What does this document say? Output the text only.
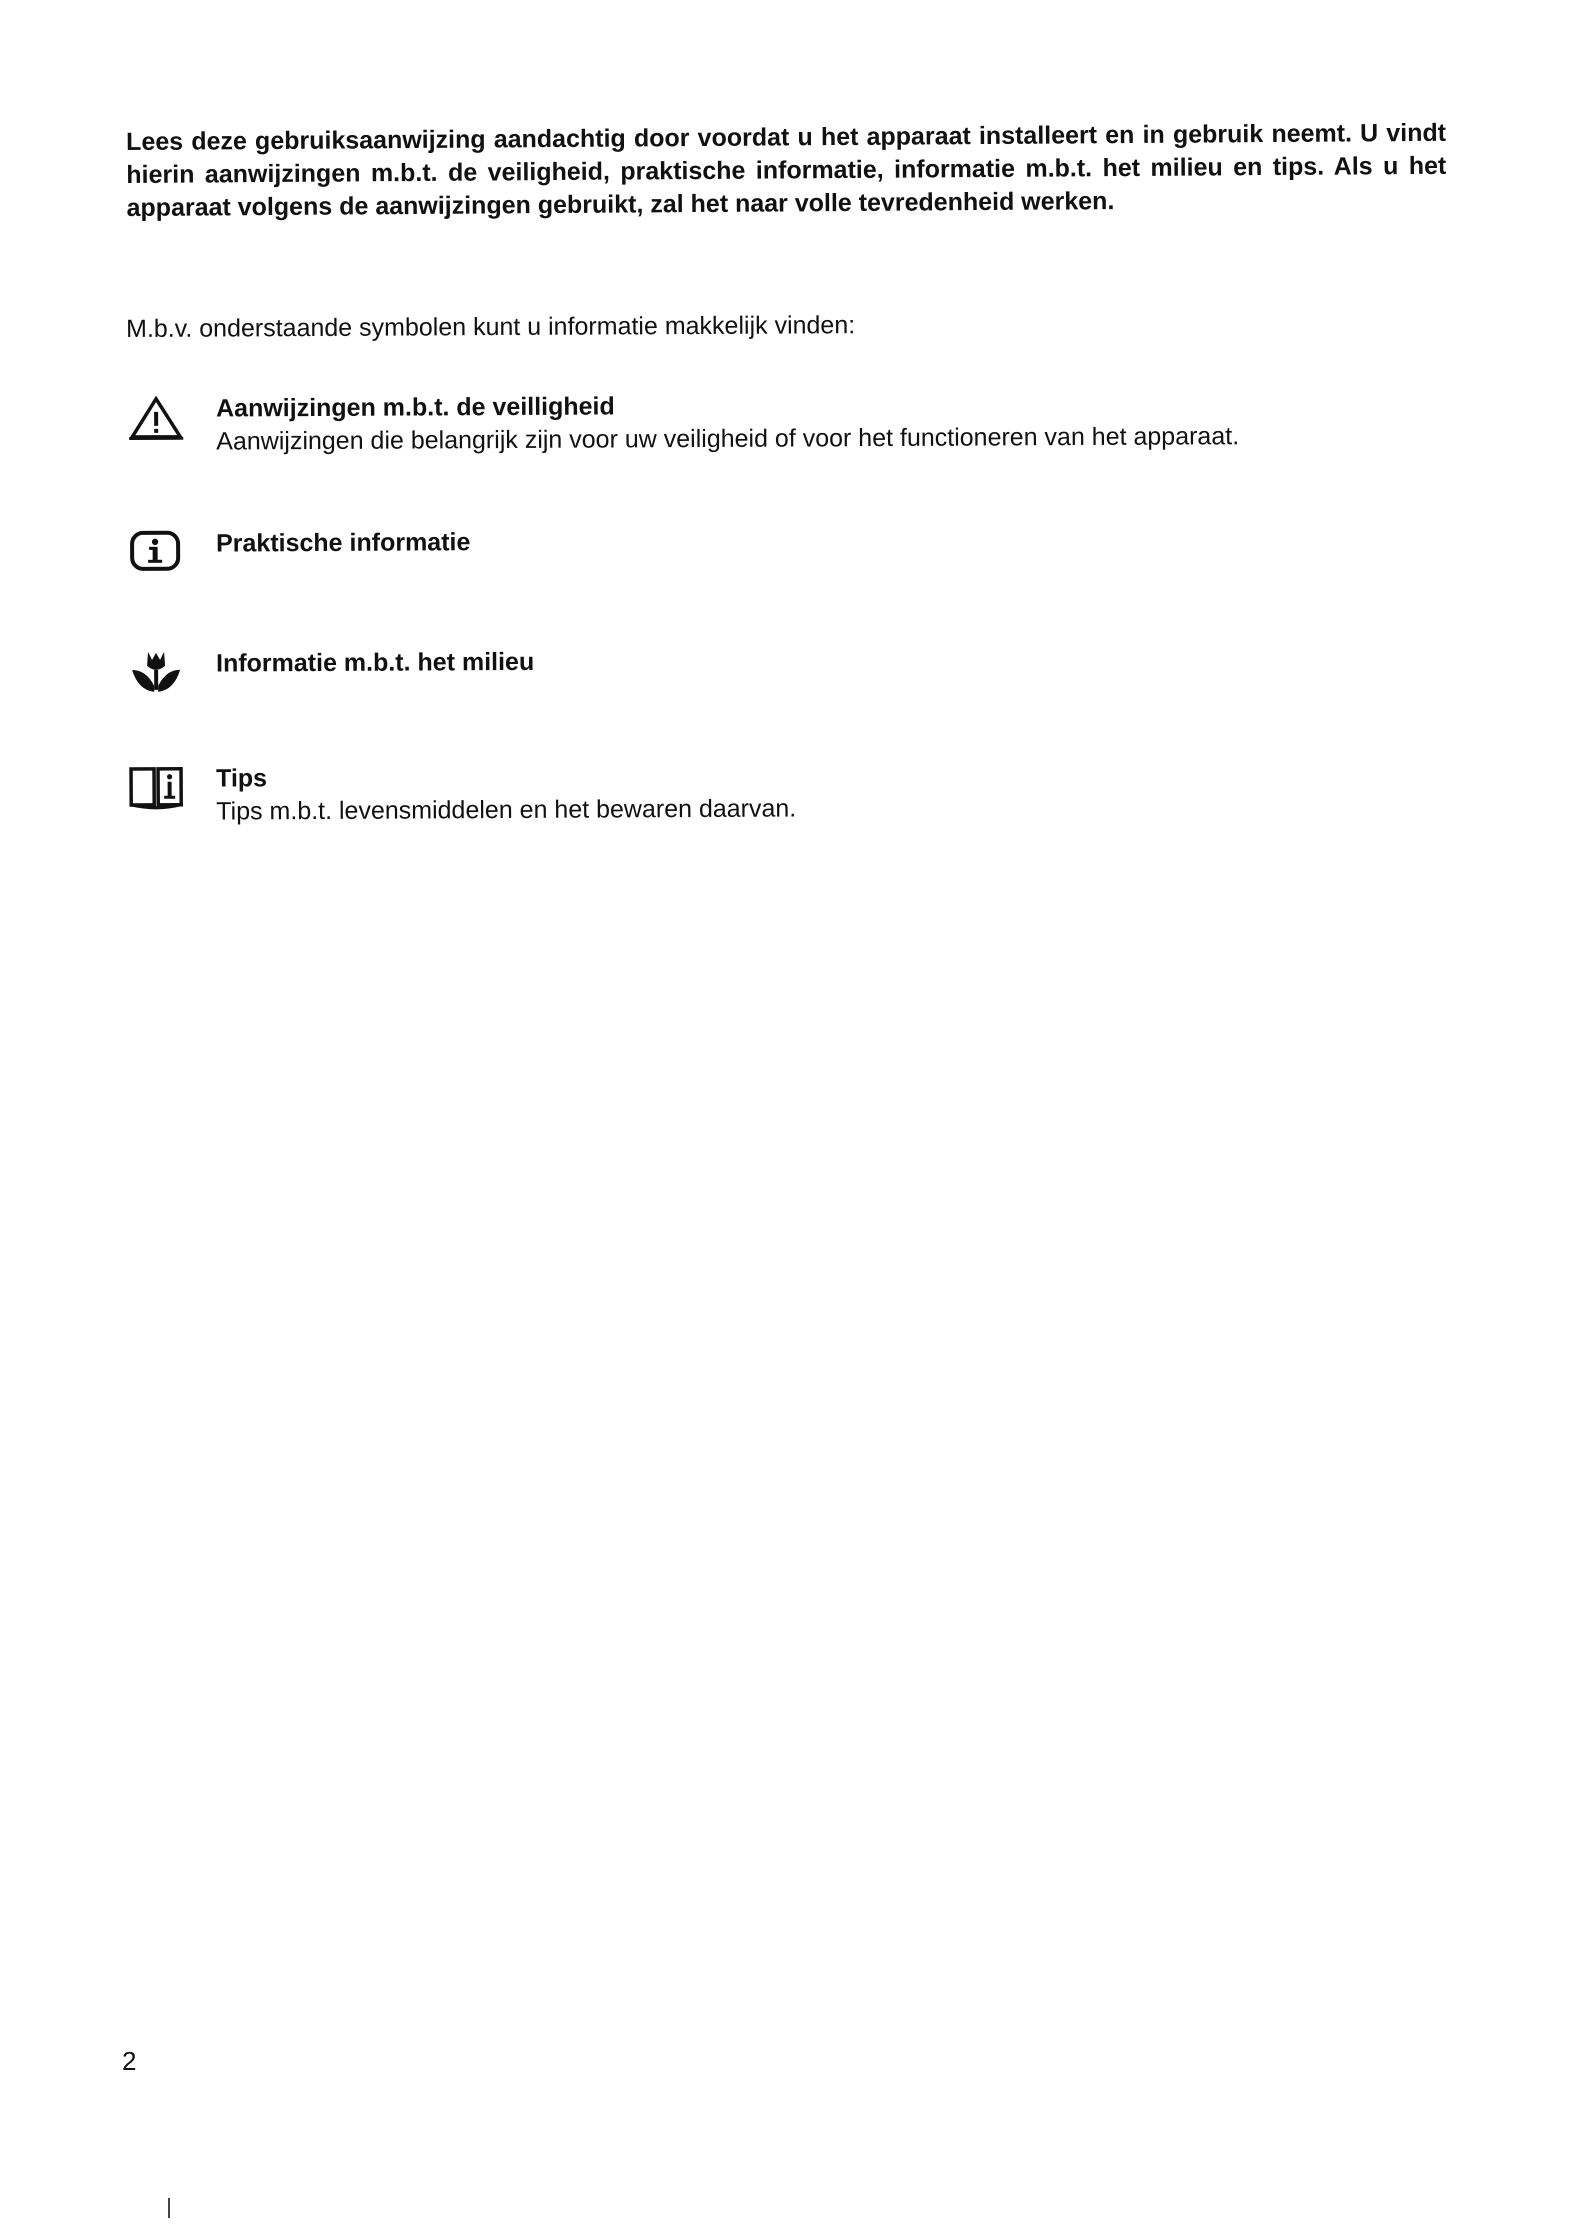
Lees deze gebruiksaanwijzing aandachtig door voordat u het apparaat installeert en in gebruik neemt. U vindt hierin aanwijzingen m.b.t. de veiligheid, praktische informatie, informatie m.b.t. het milieu en tips. Als u het apparaat volgens de aanwijzingen gebruikt, zal het naar volle tevredenheid werken.

M.b.v. onderstaande symbolen kunt u informatie makkelijk vinden:

Aanwijzingen m.b.t. de veilligheid

Aanwijzingen die belangrijk zijn voor uw veiligheid of voor het functioneren van het apparaat.

Praktische informatie

Informatie m.b.t. het milieu

Tips

Tips m.b.t. levensmiddelen en het bewaren daarvan.

2
